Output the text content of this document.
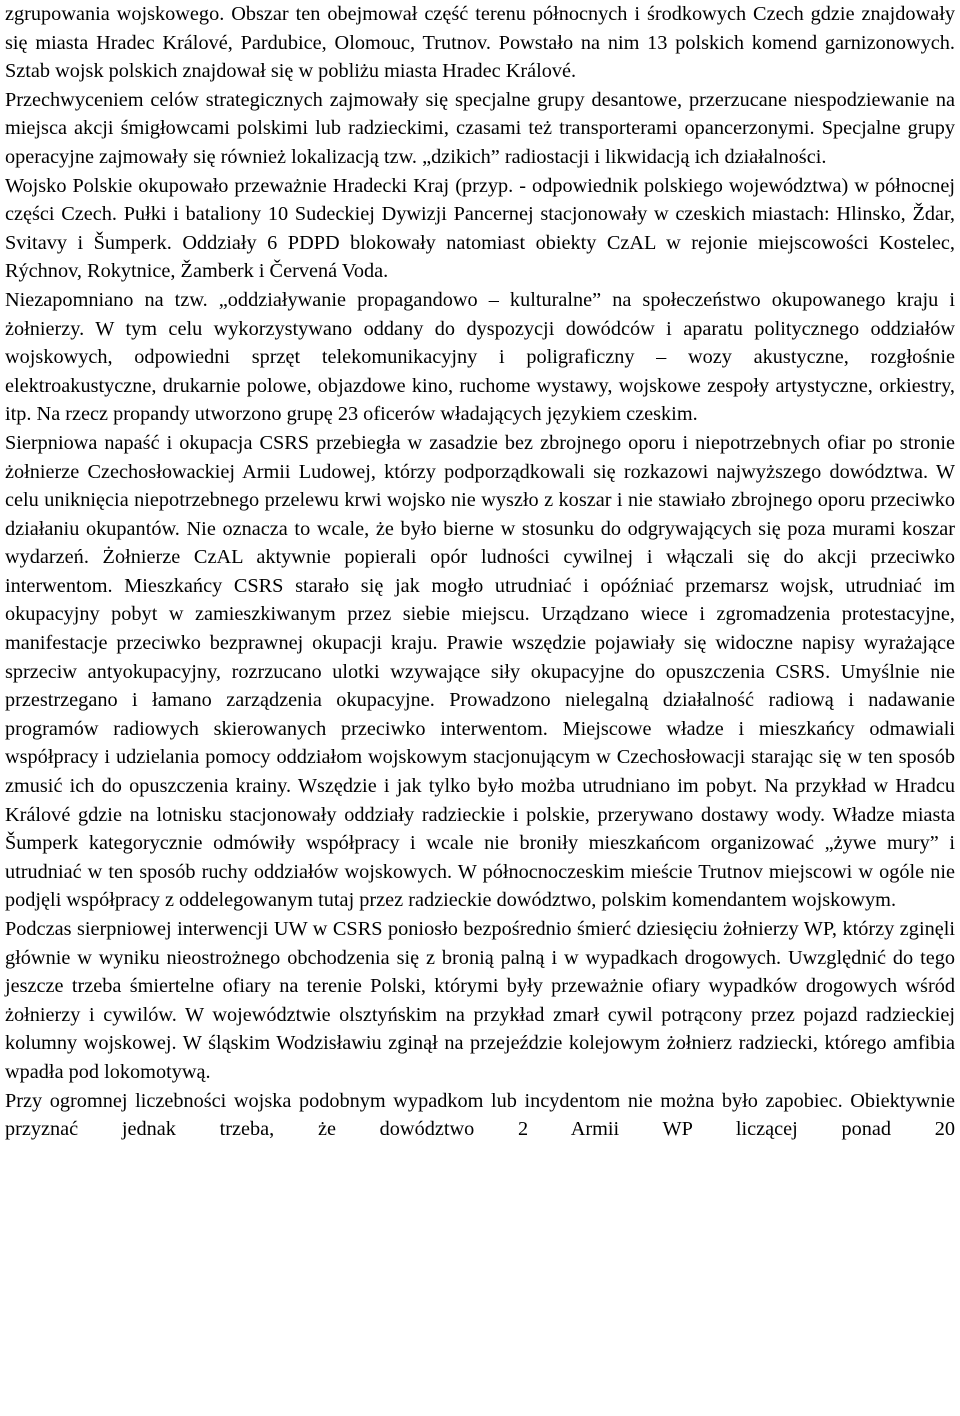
zgrupowania wojskowego. Obszar ten obejmował część terenu północnych i środkowych Czech gdzie znajdowały się miasta Hradec Králové, Pardubice, Olomouc, Trutnov. Powstało na nim 13 polskich komend garnizonowych. Sztab wojsk polskich znajdował się w pobliżu miasta Hradec Králové.

Przechwyceniem celów strategicznych zajmowały się specjalne grupy desantowe, przerzucane niespodziewanie na miejsca akcji śmigłowcami polskimi lub radzieckimi, czasami też transporterami opancerzonymi. Specjalne grupy operacyjne zajmowały się również lokalizacją tzw. „dzikich” radiostacji i likwidacją ich działalności.

Wojsko Polskie okupowało przeważnie Hradecki Kraj (przyp. - odpowiednik polskiego województwa) w północnej części Czech. Pułki i bataliony 10 Sudeckiej Dywizji Pancernej stacjonowały w czeskich miastach: Hlinsko, Ždar, Svitavy i Šumperk. Oddziały 6 PDPD blokowały natomiast obiekty CzAL w rejonie miejscowości Kostelec, Rýchnov, Rokytnice, Žamberk i Červená Voda.

Niezapomniano na tzw. „oddziaływanie propagandowo – kulturalne” na społeczeństwo okupowanego kraju i żołnierzy. W tym celu wykorzystywano oddany do dyspozycji dowódców i aparatu politycznego oddziałów wojskowych, odpowiedni sprzęt telekomunikacyjny i poligraficzny – wozy akustyczne, rozgłośnie elektroakustyczne, drukarnie polowe, objazdowe kino, ruchome wystawy, wojskowe zespoły artystyczne, orkiestry, itp. Na rzecz propandy utworzono grupę 23 oficerów władających językiem czeskim.

Sierpniowa napaść i okupacja CSRS przebiegła w zasadzie bez zbrojnego oporu i niepotrzebnych ofiar po stronie żołnierze Czechosłowackiej Armii Ludowej, którzy podporządkowali się rozkazowi najwyższego dowództwa. W celu uniknięcia niepotrzebnego przelewu krwi wojsko nie wyszło z koszar i nie stawiało zbrojnego oporu przeciwko działaniu okupantów. Nie oznacza to wcale, że było bierne w stosunku do odgrywających się poza murami koszar wydarzeń. Żołnierze CzAL aktywnie popierali opór ludności cywilnej i włączali się do akcji przeciwko interwentom. Mieszkańcy CSRS starało się jak mogło utrudniać i opóźniać przemarsz wojsk, utrudniać im okupacyjny pobyt w zamieszkiwanym przez siebie miejscu. Urządzano wiece i zgromadzenia protestacyjne, manifestacje przeciwko bezprawnej okupacji kraju. Prawie wszędzie pojawiały się widoczne napisy wyrażające sprzeciw antyokupacyjny, rozrzucano ulotki wzywające siły okupacyjne do opuszczenia CSRS. Umyślnie nie przestrzegano i łamano zarządzenia okupacyjne. Prowadzono nielegalną działalność radiową i nadawanie programów radiowych skierowanych przeciwko interwentom. Miejscowe władze i mieszkańcy odmawiali współpracy i udzielania pomocy oddziałom wojskowym stacjonującym w Czechosłowacji starając się w ten sposób zmusić ich do opuszczenia krainy. Wszędzie i jak tylko było możba utrudniano im pobyt. Na przykład w Hradcu Králové gdzie na lotnisku stacjonowały oddziały radzieckie i polskie, przerywano dostawy wody. Władze miasta Šumperk kategorycznie odmówiły współpracy i wcale nie broniły mieszkańcom organizować „żywe mury” i utrudniać w ten sposób ruchy oddziałów wojskowych. W północnoczeskim mieście Trutnov miejscowi w ogóle nie podjęli współpracy z oddelegowanym tutaj przez radzieckie dowództwo, polskim komendantem wojskowym.

Podczas sierpniowej interwencji UW w CSRS poniosło bezpośrednio śmierć dziesięciu żołnierzy WP, którzy zginęli głównie w wyniku nieostrożnego obchodzenia się z bronią palną i w wypadkach drogowych. Uwzględnić do tego jeszcze trzeba śmiertelne ofiary na terenie Polski, którymi były przeważnie ofiary wypadków drogowych wśród żołnierzy i cywilów. W województwie olsztyńskim na przykład zmarł cywil potrącony przez pojazd radzieckiej kolumny wojskowej. W śląskim Wodzisławiu zginął na przejeździe kolejowym żołnierz radziecki, którego amfibia wpadła pod lokomotywą.

Przy ogromnej liczebności wojska podobnym wypadkom lub incydentom nie można było zapobiec. Obiektywnie przyznać jednak trzeba, że dowództwo 2 Armii WP liczącej ponad 20
